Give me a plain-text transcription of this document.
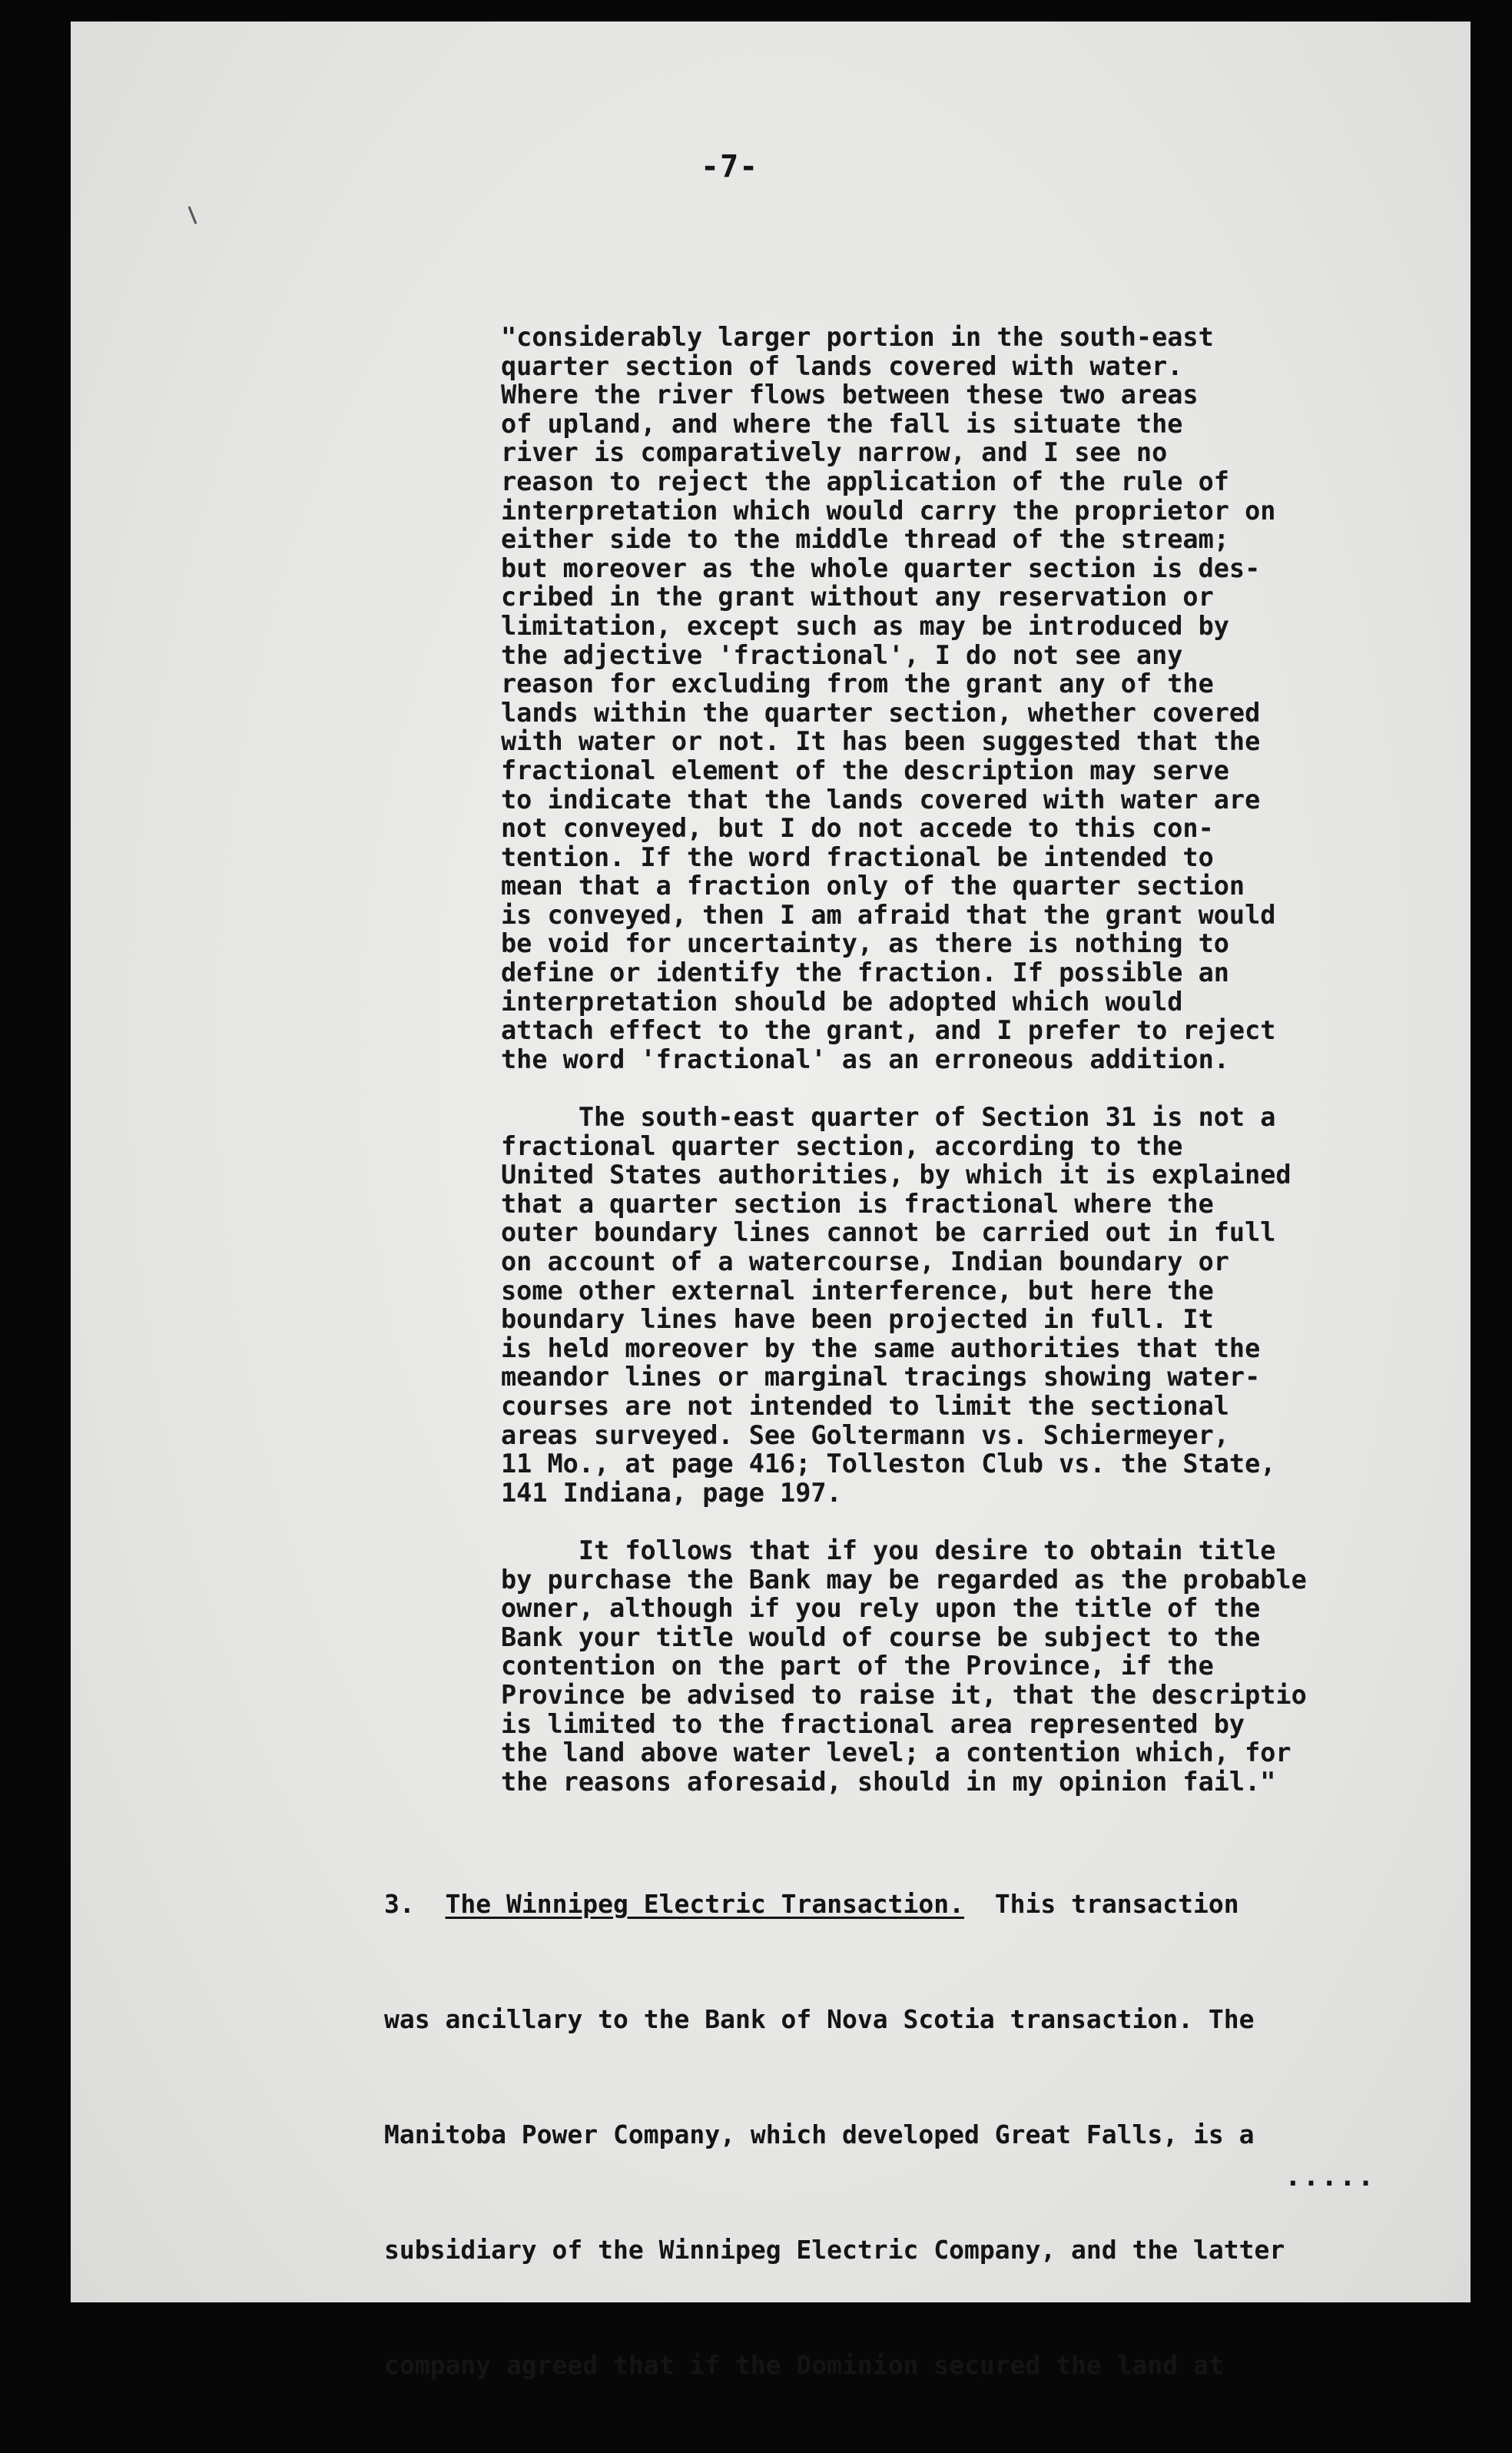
-7-
"considerably larger portion in the south-east
quarter section of lands covered with water.
Where the river flows between these two areas
of upland, and where the fall is situate the
river is comparatively narrow, and I see no
reason to reject the application of the rule of
interpretation which would carry the proprietor on
either side to the middle thread of the stream;
but moreover as the whole quarter section is des-
cribed in the grant without any reservation or
limitation, except such as may be introduced by
the adjective 'fractional', I do not see any
reason for excluding from the grant any of the
lands within the quarter section, whether covered
with water or not. It has been suggested that the
fractional element of the description may serve
to indicate that the lands covered with water are
not conveyed, but I do not accede to this con-
tention. If the word fractional be intended to
mean that a fraction only of the quarter section
is conveyed, then I am afraid that the grant would
be void for uncertainty, as there is nothing to
define or identify the fraction. If possible an
interpretation should be adopted which would
attach effect to the grant, and I prefer to reject
the word 'fractional' as an erroneous addition.
The south-east quarter of Section 31 is not a
fractional quarter section, according to the
United States authorities, by which it is explained
that a quarter section is fractional where the
outer boundary lines cannot be carried out in full
on account of a watercourse, Indian boundary or
some other external interference, but here the
boundary lines have been projected in full. It
is held moreover by the same authorities that the
meandor lines or marginal tracings showing water-
courses are not intended to limit the sectional
areas surveyed. See Goltermann vs. Schiermeyer,
11 Mo., at page 416; Tolleston Club vs. the State,
141 Indiana, page 197.
It follows that if you desire to obtain title
by purchase the Bank may be regarded as the probable
owner, although if you rely upon the title of the
Bank your title would of course be subject to the
contention on the part of the Province, if the
Province be advised to raise it, that the descriptio
is limited to the fractional area represented by
the land above water level; a contention which, for
the reasons aforesaid, should in my opinion fail."

3. The Winnipeg Electric Transaction.  This transaction

was ancillary to the Bank of Nova Scotia transaction. The

Manitoba Power Company, which developed Great Falls, is a

subsidiary of the Winnipeg Electric Company, and the latter

company agreed that if the Dominion secured the land at

.....
